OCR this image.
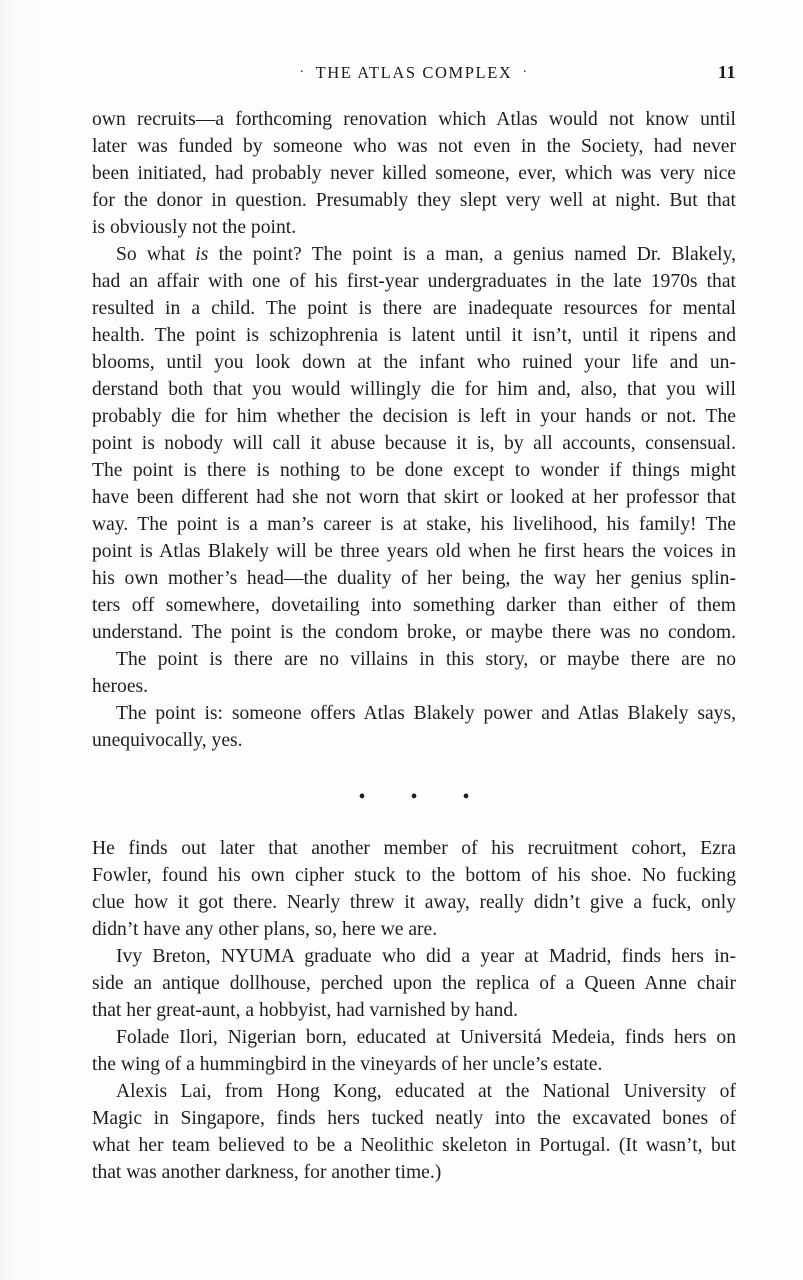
· THE ATLAS COMPLEX ·	11
own recruits—a forthcoming renovation which Atlas would not know until
later was funded by someone who was not even in the Society, had never
been initiated, had probably never killed someone, ever, which was very nice
for the donor in question. Presumably they slept very well at night. But that
is obviously not the point.
So what is the point? The point is a man, a genius named Dr. Blakely,
had an affair with one of his first-year undergraduates in the late 1970s that
resulted in a child. The point is there are inadequate resources for mental
health. The point is schizophrenia is latent until it isn’t, until it ripens and
blooms, until you look down at the infant who ruined your life and un-
derstand both that you would willingly die for him and, also, that you will
probably die for him whether the decision is left in your hands or not. The
point is nobody will call it abuse because it is, by all accounts, consensual.
The point is there is nothing to be done except to wonder if things might
have been different had she not worn that skirt or looked at her professor that
way. The point is a man’s career is at stake, his livelihood, his family! The
point is Atlas Blakely will be three years old when he first hears the voices in
his own mother’s head—the duality of her being, the way her genius splin-
ters off somewhere, dovetailing into something darker than either of them
understand. The point is the condom broke, or maybe there was no condom.
The point is there are no villains in this story, or maybe there are no
heroes.
The point is: someone offers Atlas Blakely power and Atlas Blakely says,
unequivocally, yes.
• • •
He finds out later that another member of his recruitment cohort, Ezra
Fowler, found his own cipher stuck to the bottom of his shoe. No fucking
clue how it got there. Nearly threw it away, really didn’t give a fuck, only
didn’t have any other plans, so, here we are.
Ivy Breton, NYUMA graduate who did a year at Madrid, finds hers in-
side an antique dollhouse, perched upon the replica of a Queen Anne chair
that her great-aunt, a hobbyist, had varnished by hand.
Folade Ilori, Nigerian born, educated at Universitá Medeia, finds hers on
the wing of a hummingbird in the vineyards of her uncle’s estate.
Alexis Lai, from Hong Kong, educated at the National University of
Magic in Singapore, finds hers tucked neatly into the excavated bones of
what her team believed to be a Neolithic skeleton in Portugal. (It wasn’t, but
that was another darkness, for another time.)
